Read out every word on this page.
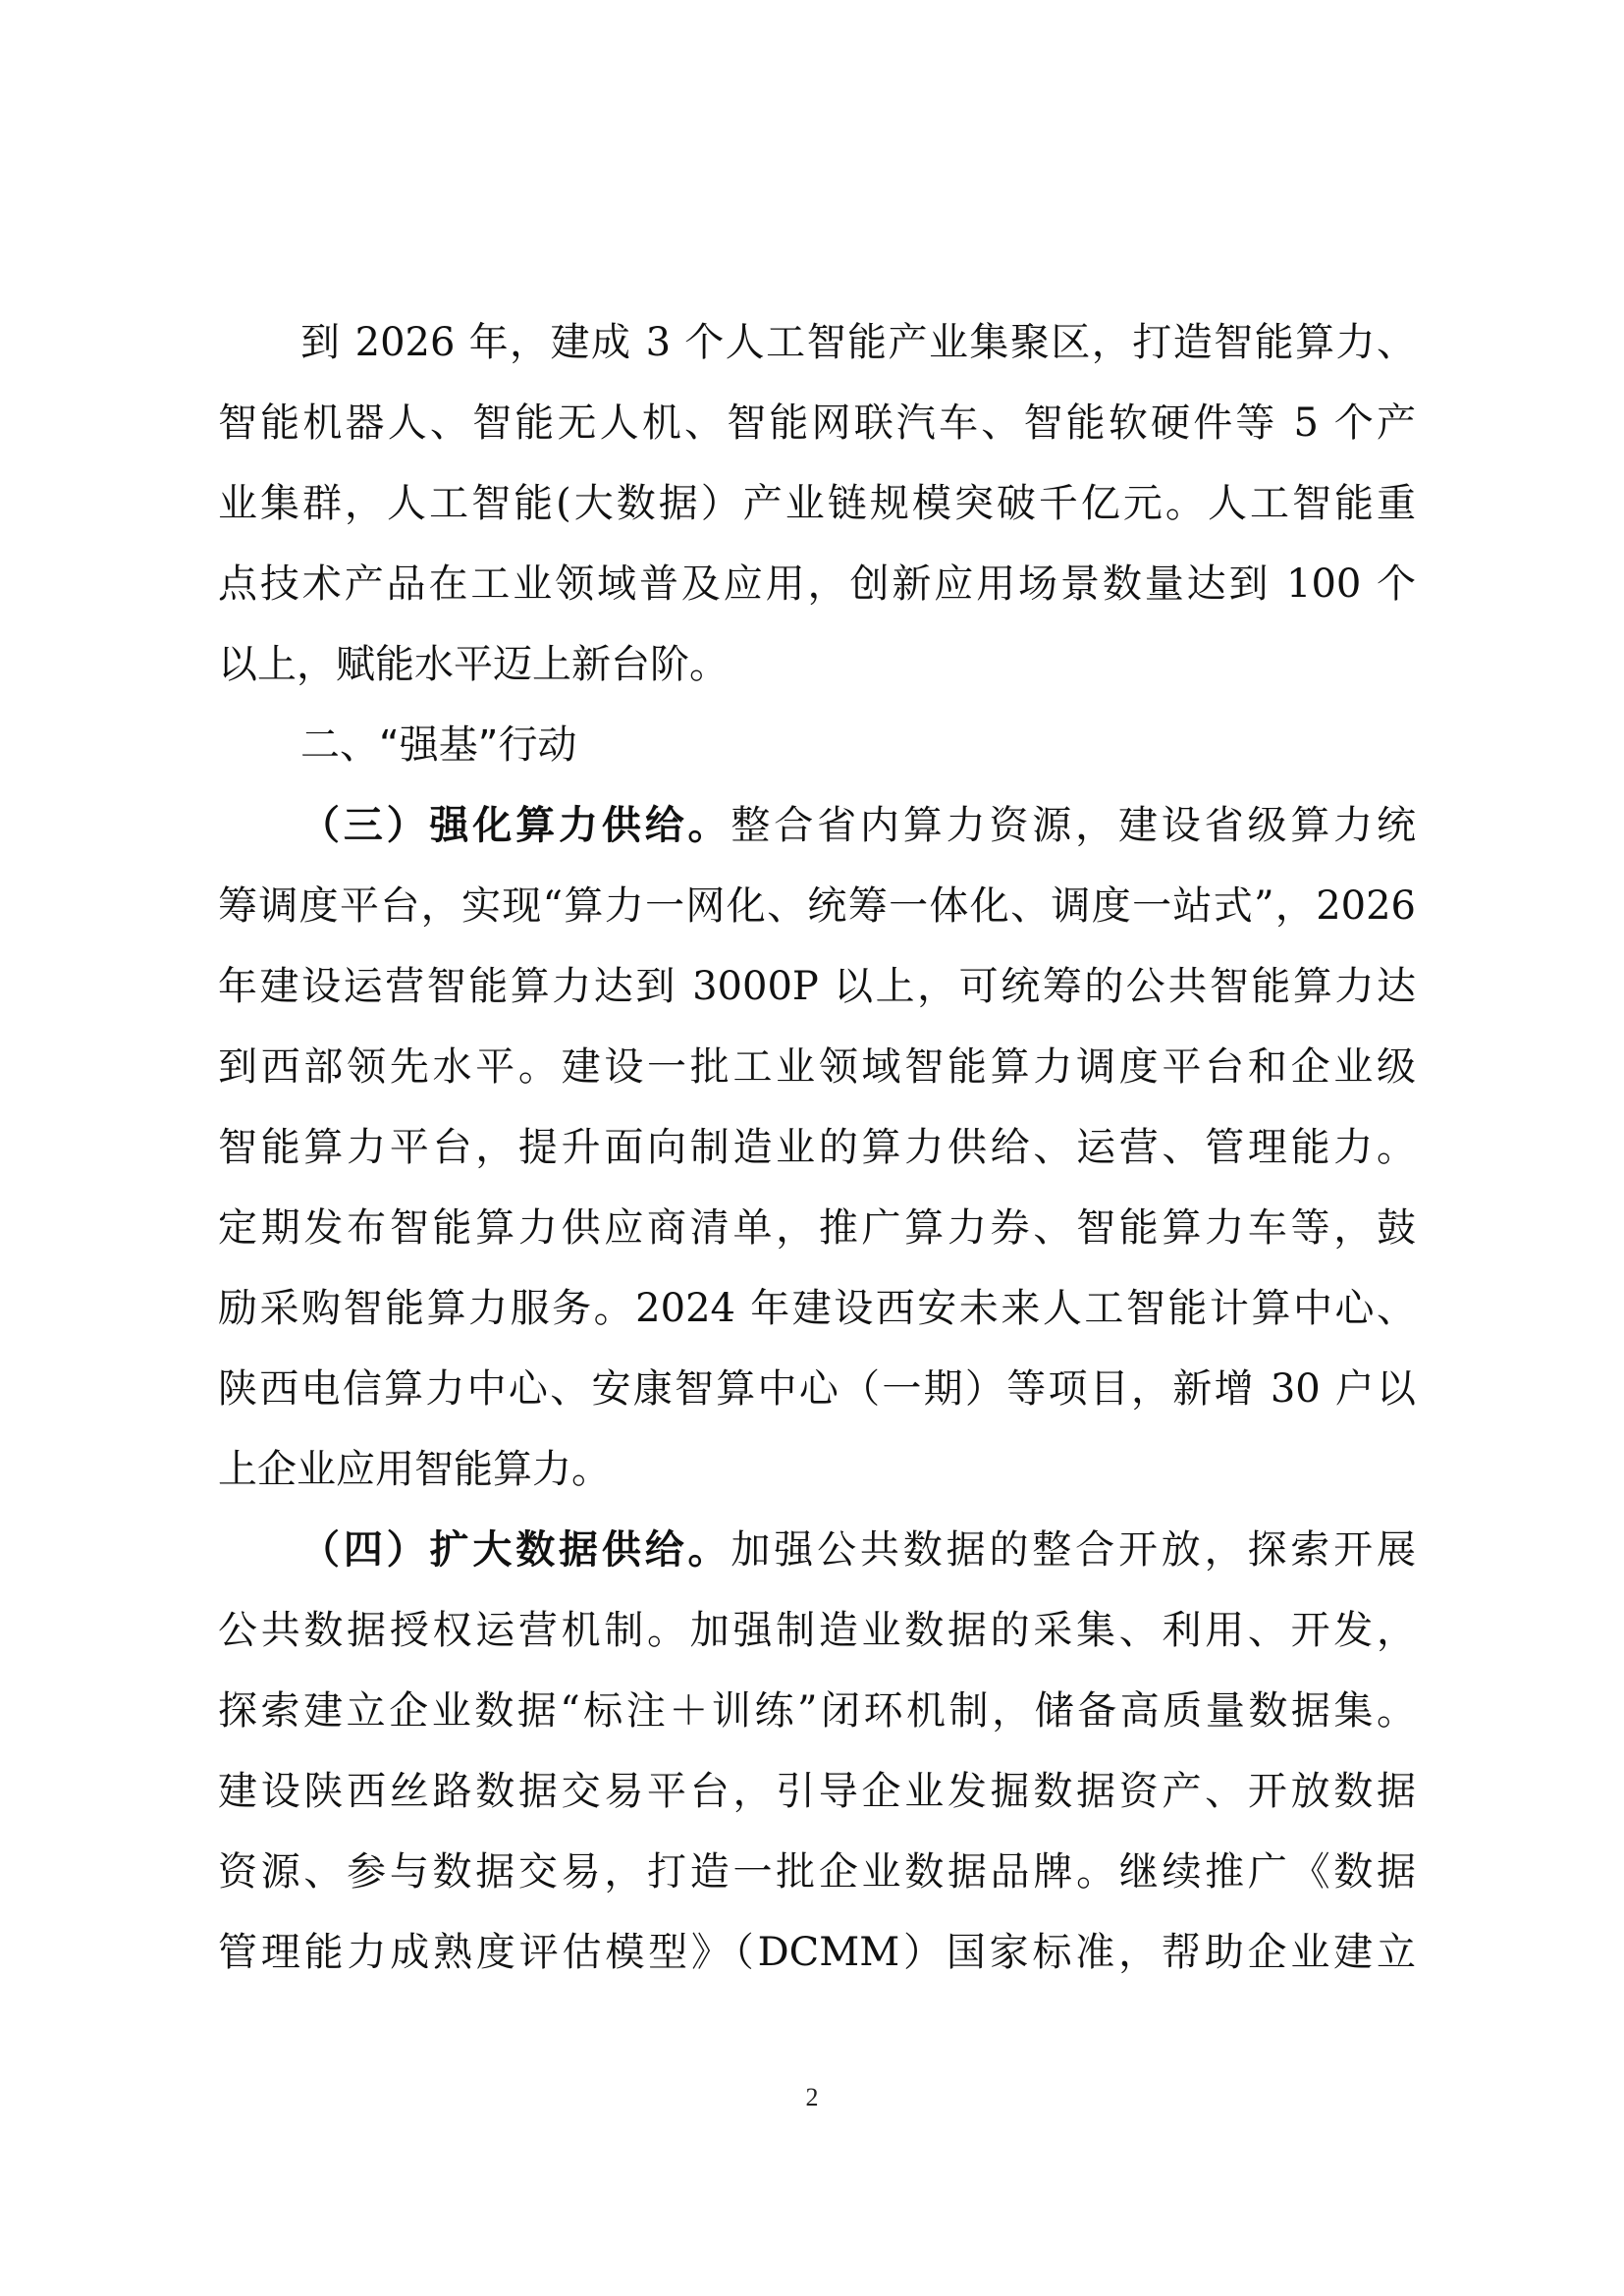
到 2026 年，建成 3 个人工智能产业集聚区，打造智能算力、
智能机器人、智能无人机、智能网联汽车、智能软硬件等 5 个产
业集群，人工智能(大数据）产业链规模突破千亿元。人工智能重
点技术产品在工业领域普及应用，创新应用场景数量达到 100 个
以上，赋能水平迈上新台阶。
二、“强基”行动
（三）强化算力供给。整合省内算力资源，建设省级算力统
筹调度平台，实现“算力一网化、统筹一体化、调度一站式”，2026
年建设运营智能算力达到 3000P 以上，可统筹的公共智能算力达
到西部领先水平。建设一批工业领域智能算力调度平台和企业级
智能算力平台，提升面向制造业的算力供给、运营、管理能力。
定期发布智能算力供应商清单，推广算力券、智能算力车等，鼓
励采购智能算力服务。2024 年建设西安未来人工智能计算中心、
陕西电信算力中心、安康智算中心（一期）等项目，新增 30 户以
上企业应用智能算力。
（四）扩大数据供给。加强公共数据的整合开放，探索开展
公共数据授权运营机制。加强制造业数据的采集、利用、开发，
探索建立企业数据“标注＋训练”闭环机制，储备高质量数据集。
建设陕西丝路数据交易平台，引导企业发掘数据资产、开放数据
资源、参与数据交易，打造一批企业数据品牌。继续推广《数据
管理能力成熟度评估模型》（DCMM）国家标准，帮助企业建立
2
